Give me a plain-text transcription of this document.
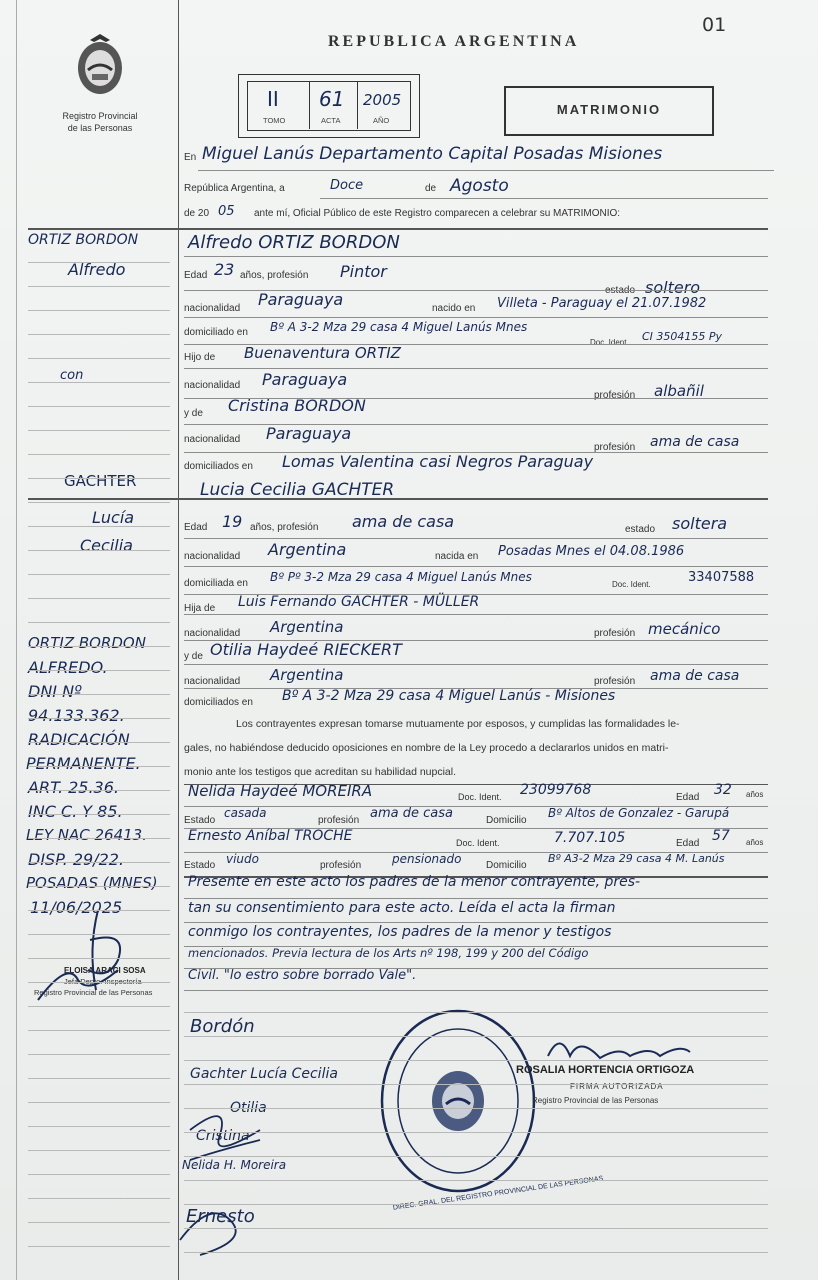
01
Registro Provincial
de las Personas
REPUBLICA ARGENTINA
II 61 2005
TOMO	ACTA	AÑO
MATRIMONIO
En Miguel Lanús Departamento Capital Posadas Misiones
República Argentina, a	Doce	de Agosto
de 20 05 ante mí, Oficial Público de este Registro comparecen a celebrar su MATRIMONIO:
ORTIZ BORDON
Alfredo
Alfredo ORTIZ BORDON
Edad 23 años, profesión Pintor
estado soltero
nacionalidad Paraguaya	nacido en Villeta - Paraguay el 21.07.1982
domiciliado en Bº A 3-2 Mza 29 casa 4 Miguel Lanús Mnes
Doc. Ident. CI 3504155 Py
Hijo de Buenaventura ORTIZ
con
nacionalidad Paraguaya
profesión albañil
y de Cristina BORDON
nacionalidad Paraguaya
profesión ama de casa
domiciliados en Lomas Valentina casi Negros Paraguay
GACHTER
Lucía
Cecilia
Lucia Cecilia GACHTER
Edad 19 años, profesión ama de casa	estado soltera
nacionalidad Argentina	nacida en Posadas Mnes el 04.08.1986
domiciliada en Bº Pº 3-2 Mza 29 casa 4 Miguel Lanús Mnes
Doc. Ident.	33407588
Hija de Luis Fernando GACHTER - MÜLLER
nacionalidad Argentina	profesión mecánico
y de Otilia Haydeé RIECKERT
nacionalidad Argentina	profesión ama de casa
domiciliados en Bº A 3-2 Mza 29 casa 4 Miguel Lanús - Misiones
Los contrayentes expresan tomarse mutuamente por esposos, y cumplidas las formalidades le-
gales, no habiéndose deducido oposiciones en nombre de la Ley procedo a declararlos unidos en matri-
monio ante los testigos que acreditan su habilidad nupcial.
Nelida Haydeé MOREIRA	Doc. Ident. 23099768	Edad 32 años
Estado
casada
profesión ama de casa	Domicilio
Bº Altos de Gonzalez - Garupá
Ernesto Aníbal TROCHE	Doc. Ident.	7.707.105	Edad 57 años
Estado viudo	profesión	pensionado Domicilio
Bº A3-2 Mza 29 casa 4 M. Lanús
Presente en este acto los padres de la menor contrayente, pres-
tan su consentimiento para este acto. Leída el acta la firman
conmigo los contrayentes, los padres de la menor y testigos
mencionados. Previa lectura de los Arts nº 198, 199 y 200 del Código
Civil. "lo estro sobre borrado Vale".
ORTIZ BORDON
ALFREDO.
DNI Nº
94.133.362.
RADICACIÓN
PERMANENTE.
ART. 25.36.
INC C. Y 85.
LEY NAC 26413.
DISP. 29/22.
POSADAS (MNES)
11/06/2025
ELOISA ARACI SOSA
Jefa Depto. Inspectoría
Registro Provincial de las Personas
DIREC. GRAL. DEL REGISTRO PROVINCIAL DE LAS PERSONAS
ROSALIA HORTENCIA ORTIGOZA
FIRMA AUTORIZADA
Registro Provincial de las Personas
Bordón
Gachter Lucía Cecilia
Otilia
Cristina
Nelida H. Moreira
Ernesto
